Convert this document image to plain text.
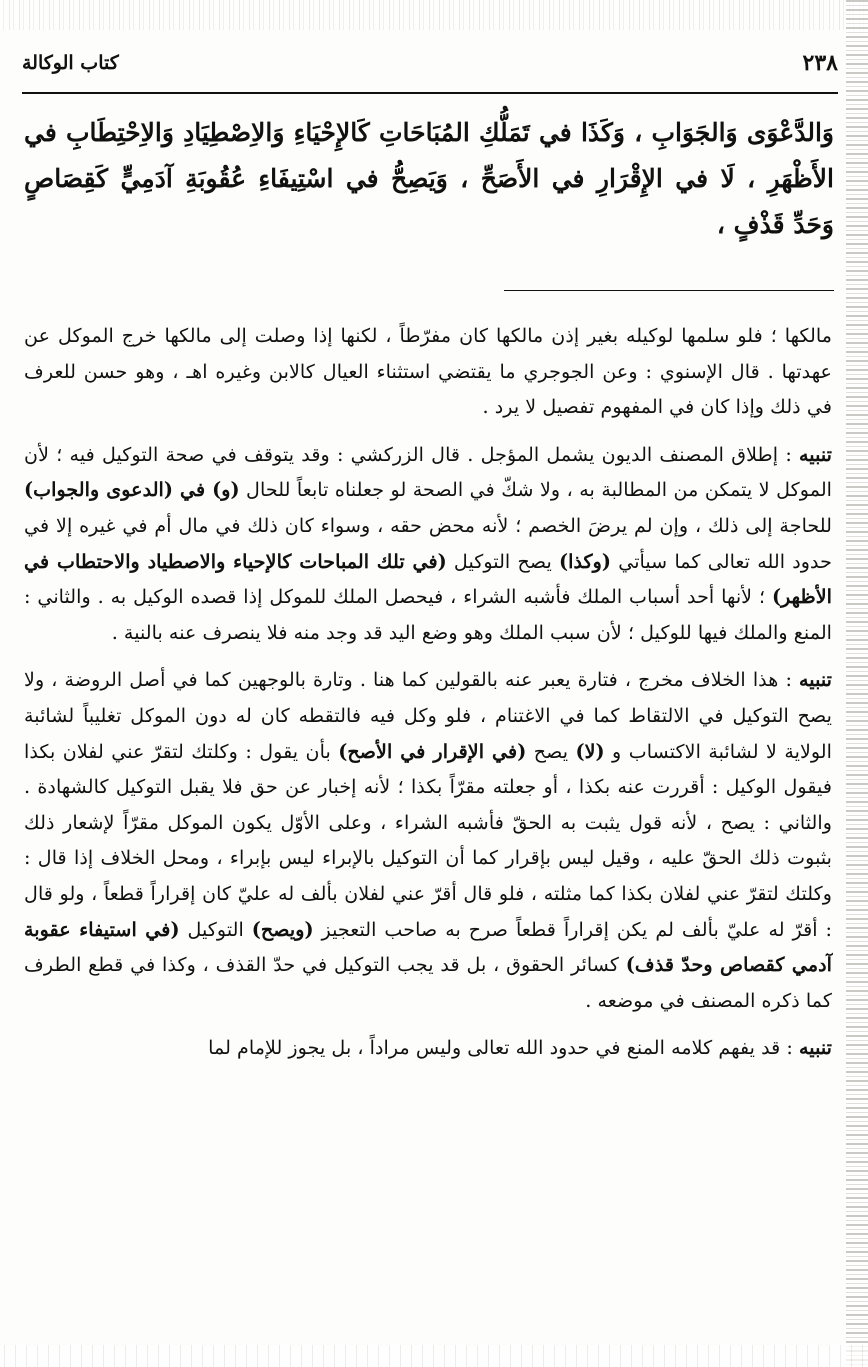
٢٣٨
كتاب الوكالة
وَالدَّعْوَى وَالجَوَابِ ، وَكَذَا في تَمَلُّكِ المُبَاحَاتِ كَالإِحْيَاءِ وَالاِصْطِيَادِ وَالاِحْتِطَابِ في الأَظْهَرِ ، لَا في الإِقْرَارِ في الأَصَحِّ ، وَيَصِحُّ في اسْتِيفَاءِ عُقُوبَةِ آدَمِيٍّ كَقِصَاصٍ وَحَدِّ قَذْفٍ ،

مالكها ؛ فلو سلمها لوكيله بغير إذن مالكها كان مفرّطاً ، لكنها إذا وصلت إلى مالكها خرج الموكل عن عهدتها . قال الإسنوي : وعن الجوجري ما يقتضي استثناء العيال كالابن وغيره اهـ ، وهو حسن للعرف في ذلك وإذا كان في المفهوم تفصيل لا يرد .

تنبيه : إطلاق المصنف الديون يشمل المؤجل . قال الزركشي : وقد يتوقف في صحة التوكيل فيه ؛ لأن الموكل لا يتمكن من المطالبة به ، ولا شكّ في الصحة لو جعلناه تابعاً للحال (و) في (الدعوى والجواب) للحاجة إلى ذلك ، وإن لم يرضَ الخصم ؛ لأنه محض حقه ، وسواء كان ذلك في مال أم في غيره إلا في حدود الله تعالى كما سيأتي (وكذا) يصح التوكيل (في تلك المباحات كالإحياء والاصطياد والاحتطاب في الأظهر) ؛ لأنها أحد أسباب الملك فأشبه الشراء ، فيحصل الملك للموكل إذا قصده الوكيل به . والثاني : المنع والملك فيها للوكيل ؛ لأن سبب الملك وهو وضع اليد قد وجد منه فلا ينصرف عنه بالنية .

تنبيه : هذا الخلاف مخرج ، فتارة يعبر عنه بالقولين كما هنا . وتارة بالوجهين كما في أصل الروضة ، ولا يصح التوكيل في الالتقاط كما في الاغتنام ، فلو وكل فيه فالتقطه كان له دون الموكل تغليباً لشائبة الولاية لا لشائبة الاكتساب و (لا) يصح (في الإقرار في الأصح) بأن يقول : وكلتك لتقرّ عني لفلان بكذا فيقول الوكيل : أقررت عنه بكذا ، أو جعلته مقرّاً بكذا ؛ لأنه إخبار عن حق فلا يقبل التوكيل كالشهادة . والثاني : يصح ، لأنه قول يثبت به الحقّ فأشبه الشراء ، وعلى الأوّل يكون الموكل مقرّاً لإشعار ذلك بثبوت ذلك الحقّ عليه ، وقيل ليس بإقرار كما أن التوكيل بالإبراء ليس بإبراء ، ومحل الخلاف إذا قال : وكلتك لتقرّ عني لفلان بكذا كما مثلته ، فلو قال أقرّ عني لفلان بألف له عليّ كان إقراراً قطعاً ، ولو قال : أقرّ له عليّ بألف لم يكن إقراراً قطعاً صرح به صاحب التعجيز (ويصح) التوكيل (في استيفاء عقوبة آدمي كقصاص وحدّ قذف) كسائر الحقوق ، بل قد يجب التوكيل في حدّ القذف ، وكذا في قطع الطرف كما ذكره المصنف في موضعه .

تنبيه : قد يفهم كلامه المنع في حدود الله تعالى وليس مراداً ، بل يجوز للإمام لما
